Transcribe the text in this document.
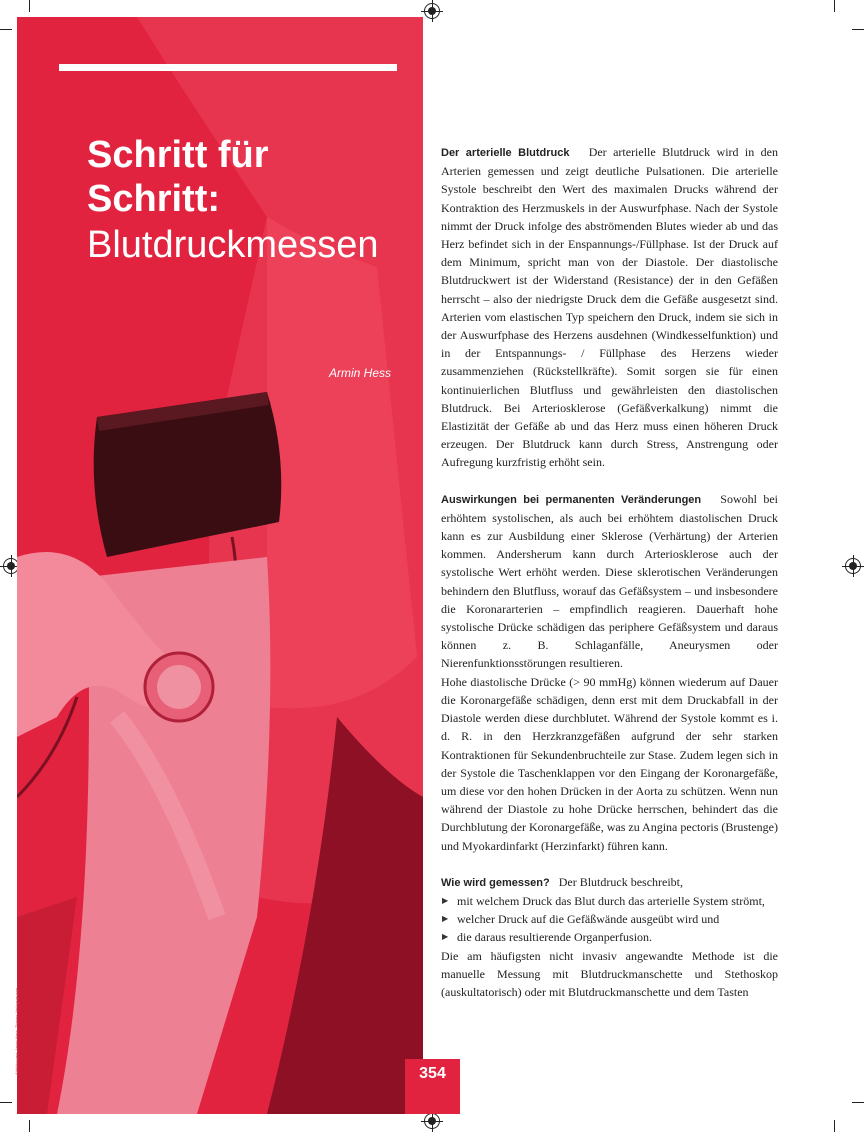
Schritt für
Schritt:
Blutdruckmessen
Armin Hess
Abbildungen: Armin Hess, Thieme Verlagsgruppe	354

Der arterielle Blutdruck Der arterielle Blutdruck wird in den Arterien gemessen und zeigt deutliche Pulsationen. Die arterielle Systole beschreibt den Wert des maximalen Drucks während der Kontraktion des Herzmuskels in der Auswurfphase. Nach der Systole nimmt der Druck infolge des abströmenden Blutes wieder ab und das Herz befindet sich in der Enspannungs-/Füllphase. Ist der Druck auf dem Minimum, spricht man von der Diastole. Der diastolische Blutdruckwert ist der Widerstand (Resistance) der in den Gefäßen herrscht – also der niedrigste Druck dem die Gefäße ausgesetzt sind. Arterien vom elastischen Typ speichern den Druck, indem sie sich in der Auswurfphase des Herzens ausdehnen (Windkesselfunktion) und in der Entspannungs- / Füllphase des Herzens wieder zusammenziehen (Rückstellkräfte). Somit sorgen sie für einen kontinuierlichen Blutfluss und gewährleisten den diastolischen Blutdruck. Bei Arteriosklerose (Gefäßverkalkung) nimmt die Elastizität der Gefäße ab und das Herz muss einen höheren Druck erzeugen. Der Blutdruck kann durch Stress, Anstrengung oder Aufregung kurzfristig erhöht sein.

Auswirkungen bei permanenten Veränderungen Sowohl bei erhöhtem systolischen, als auch bei erhöhtem diastolischen Druck kann es zur Ausbildung einer Sklerose (Verhärtung) der Arterien kommen. Andersherum kann durch Arteriosklerose auch der systolische Wert erhöht werden. Diese sklerotischen Veränderungen behindern den Blutfluss, worauf das Gefäßsystem – und insbesondere die Koronararterien – empfindlich reagieren. Dauerhaft hohe systolische Drücke schädigen das periphere Gefäßsystem und daraus können z. B. Schlaganfälle, Aneurysmen oder Nierenfunktionsstörungen resultieren.

Hohe diastolische Drücke (> 90 mmHg) können wiederum auf Dauer die Koronargefäße schädigen, denn erst mit dem Druckabfall in der Diastole werden diese durchblutet. Während der Systole kommt es i. d. R. in den Herzkranzgefäßen aufgrund der sehr starken Kontraktionen für Sekundenbruchteile zur Stase. Zudem legen sich in der Systole die Taschenklappen vor den Eingang der Koronargefäße, um diese vor den hohen Drücken in der Aorta zu schützen. Wenn nun während der Diastole zu hohe Drücke herrschen, behindert das die Durchblutung der Koronargefäße, was zu Angina pectoris (Brustenge) und Myokardinfarkt (Herzinfarkt) führen kann.

Wie wird gemessen? Der Blutdruck beschreibt,

▶ mit welchem Druck das Blut durch das arterielle System strömt,
▶ welcher Druck auf die Gefäßwände ausgeübt wird und
▶ die daraus resultierende Organperfusion.

Die am häufigsten nicht invasiv angewandte Methode ist die manuelle Messung mit Blutdruckmanschette und Stethoskop (auskultatorisch) oder mit Blutdruckmanschette und dem Tasten
